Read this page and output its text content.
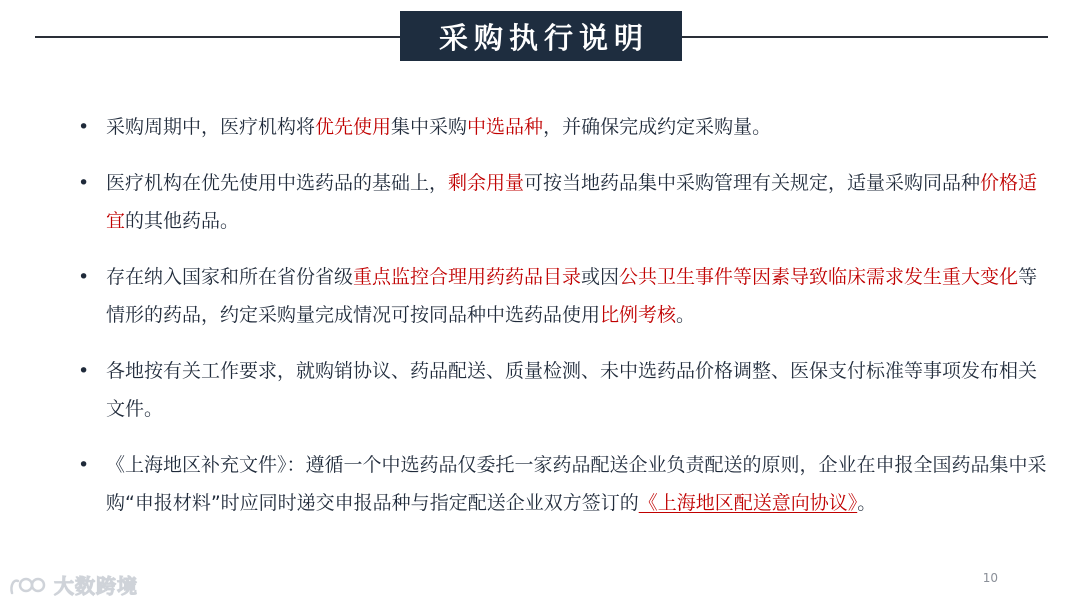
采购执行说明
• 采购周期中，医疗机构将优先使用集中采购中选品种，并确保完成约定采购量。
• 医疗机构在优先使用中选药品的基础上，剩余用量可按当地药品集中采购管理有关规定，适量采购同品种价格适宜的其他药品。
• 存在纳入国家和所在省份省级重点监控合理用药药品目录或因公共卫生事件等因素导致临床需求发生重大变化等情形的药品，约定采购量完成情况可按同品种中选药品使用比例考核。
• 各地按有关工作要求，就购销协议、药品配送、质量检测、未中选药品价格调整、医保支付标准等事项发布相关文件。
• 《上海地区补充文件》：遵循一个中选药品仅委托一家药品配送企业负责配送的原则，企业在申报全国药品集中采购“申报材料”时应同时递交申报品种与指定配送企业双方签订的《上海地区配送意向协议》。
10
大数跨境
